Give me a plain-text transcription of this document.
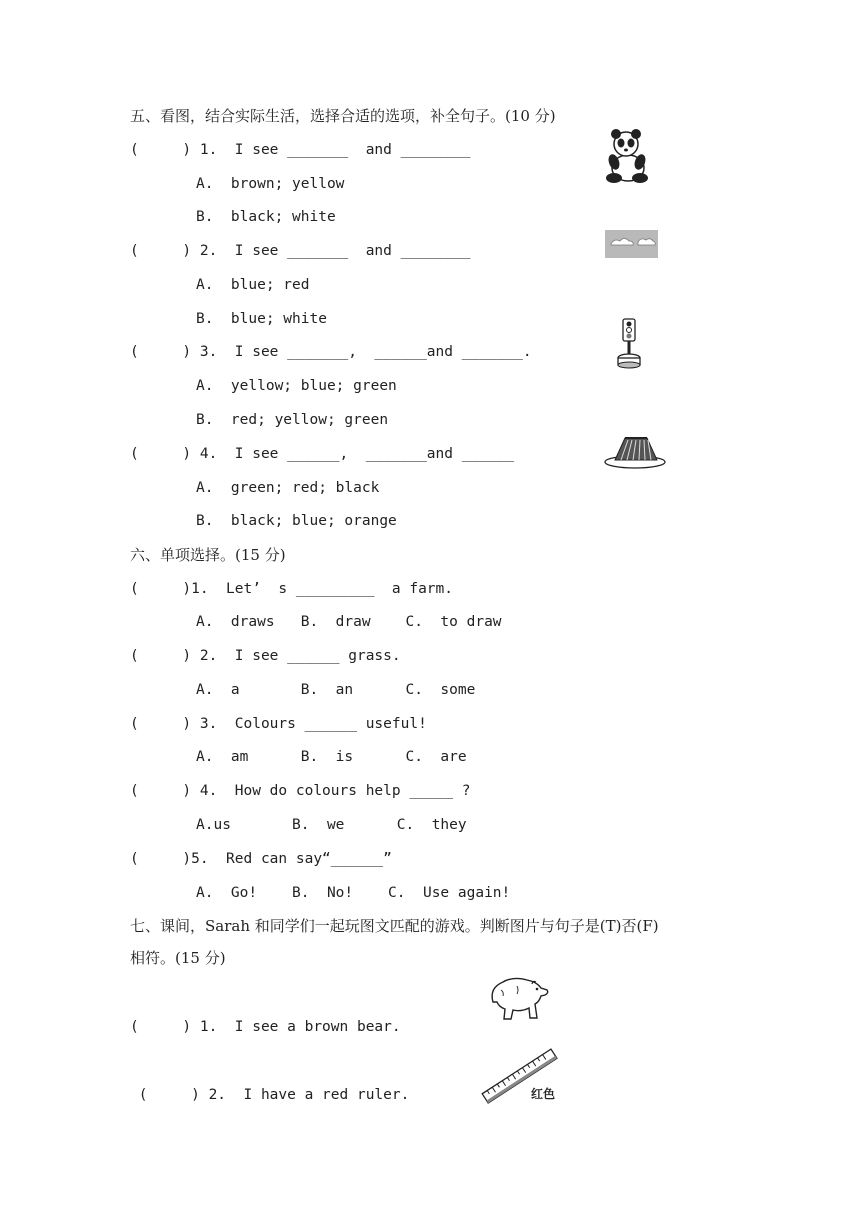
五、看图，结合实际生活，选择合适的选项，补全句子。(10 分)
(     ) 1.  I see _______  and ________
A.  brown; yellow
B.  black; white
(     ) 2.  I see _______  and ________
A.  blue; red
B.  blue; white
(     ) 3.  I see _______,  ______and _______.
A.  yellow; blue; green
B.  red; yellow; green
(     ) 4.  I see ______,  _______and ______
A.  green; red; black
B.  black; blue; orange
六、单项选择。(15 分)
(     )1.  Let’  s _________  a farm.
A.  draws   B.  draw    C.  to draw
(     ) 2.  I see ______ grass.
A.  a       B.  an      C.  some
(     ) 3.  Colours ______ useful!
A.  am      B.  is      C.  are
(     ) 4.  How do colours help _____ ?
A.us       B.  we      C.  they
(     )5.  Red can say“______”
A.  Go!    B.  No!    C.  Use again!
七、课间，Sarah 和同学们一起玩图文匹配的游戏。判断图片与句子是(T)否(F)
相符。(15 分)
(     ) 1.  I see a brown bear.
(     ) 2.  I have a red ruler.	红色
